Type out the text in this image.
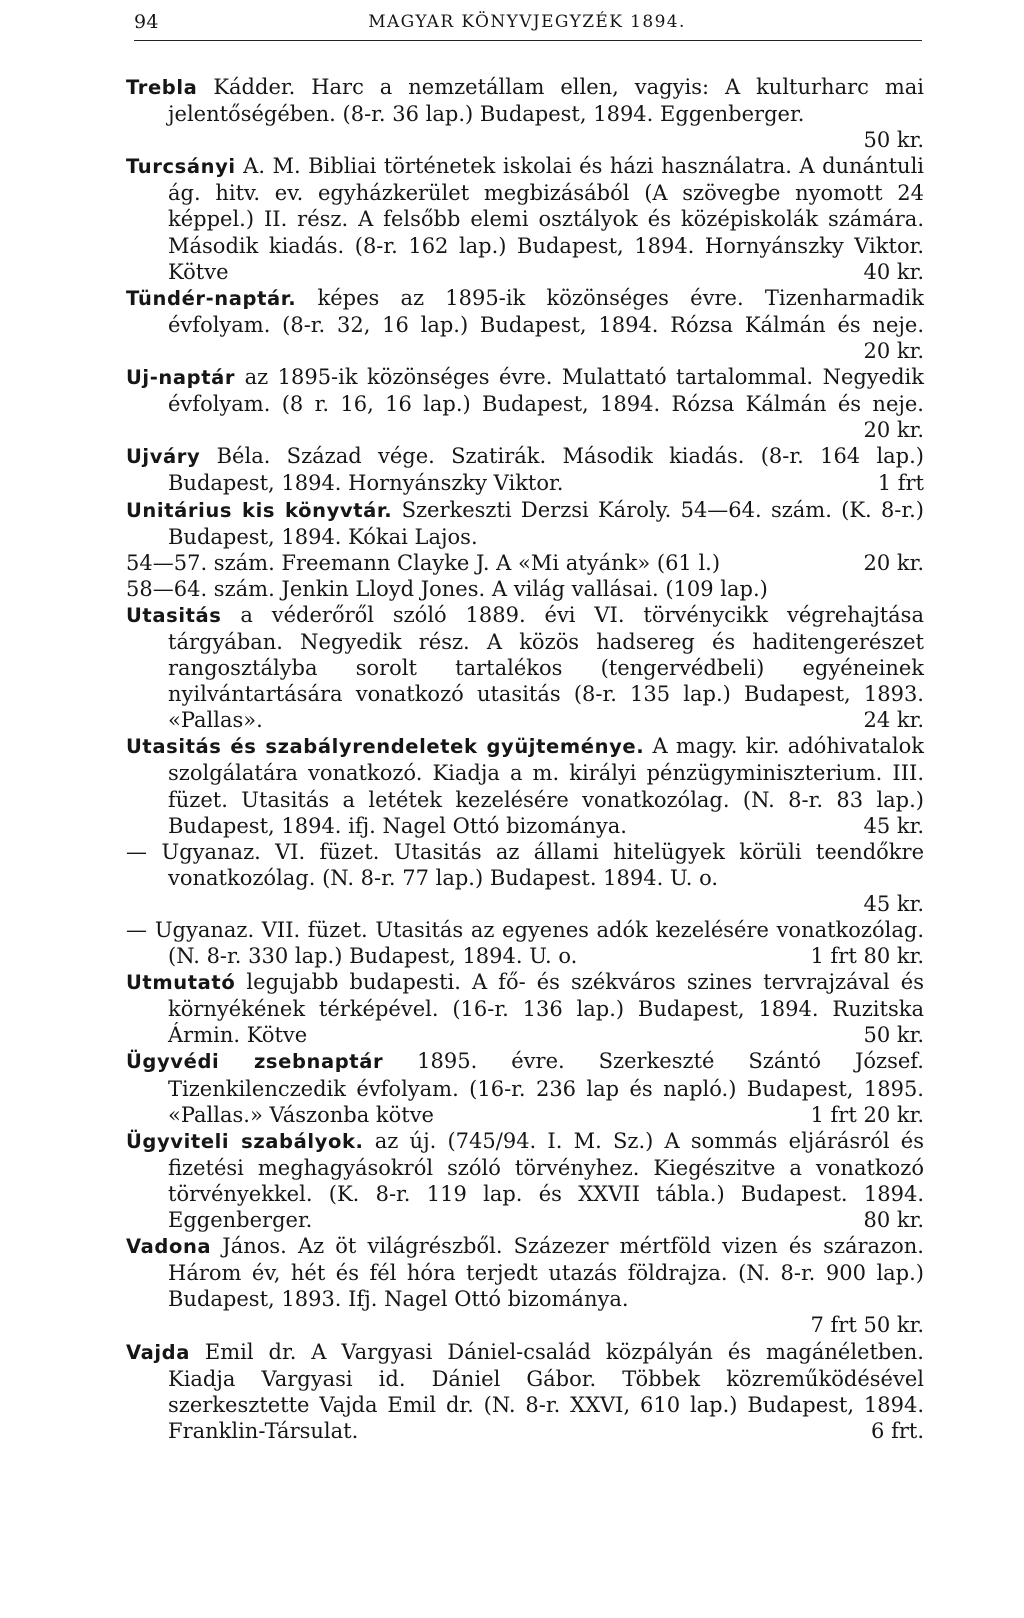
94	MAGYAR KÖNYVJEGYZÉK 1894.

Trebla Kádder. Harc a nemzetállam ellen, vagyis: A kulturharc mai jelentőségében. (8-r. 36 lap.) Budapest, 1894. Eggenberger.
50 kr.

Turcsányi A. M. Bibliai történetek iskolai és házi használatra. A dunántuli ág. hitv. ev. egyházkerület megbizásából (A szövegbe nyomott 24 képpel.) II. rész. A felsőbb elemi osztályok és középiskolák számára. Második kiadás. (8-r. 162 lap.) Budapest, 1894. Hornyánszky Viktor. Kötve	40 kr.

Tündér-naptár. képes az 1895-ik közönséges évre. Tizenharmadik évfolyam. (8-r. 32, 16 lap.) Budapest, 1894. Rózsa Kálmán és neje. 20 kr.

Uj-naptár az 1895-ik közönséges évre. Mulattató tartalommal. Negyedik évfolyam. (8 r. 16, 16 lap.) Budapest, 1894. Rózsa Kálmán és neje. 20 kr.

Ujváry Béla. Század vége. Szatirák. Második kiadás. (8-r. 164 lap.) Budapest, 1894. Hornyánszky Viktor.	1 frt

Unitárius kis könyvtár. Szerkeszti Derzsi Károly. 54—64. szám. (K. 8-r.) Budapest, 1894. Kókai Lajos.

54—57. szám. Freemann Clayke J. A «Mi atyánk» (61 l.)	20 kr.

58—64. szám. Jenkin Lloyd Jones. A világ vallásai. (109 lap.)

Utasitás a véderőről szóló 1889. évi VI. törvénycikk végrehajtása tárgyában. Negyedik rész. A közös hadsereg és haditengerészet rangosztályba sorolt tartalékos (tengervédbeli) egyéneinek nyilvántartására vonatkozó utasitás (8-r. 135 lap.) Budapest, 1893. «Pallas».	24 kr.

Utasitás és szabályrendeletek gyüjteménye. A magy. kir. adóhivatalok szolgálatára vonatkozó. Kiadja a m. királyi pénzügyminiszterium. III. füzet. Utasitás a letétek kezelésére vonatkozólag. (N. 8-r. 83 lap.) Budapest, 1894. ifj. Nagel Ottó bizománya.	45 kr.

— Ugyanaz. VI. füzet. Utasitás az állami hitelügyek körüli teendőkre vonatkozólag. (N. 8-r. 77 lap.) Budapest. 1894. U. o.
45 kr.

— Ugyanaz. VII. füzet. Utasitás az egyenes adók kezelésére vonatkozólag. (N. 8-r. 330 lap.) Budapest, 1894. U. o.	1 frt 80 kr.

Utmutató legujabb budapesti. A fő- és székváros szines tervrajzával és környékének térképével. (16-r. 136 lap.) Budapest, 1894. Ruzitska Ármin. Kötve	50 kr.

Ügyvédi zsebnaptár 1895. évre. Szerkeszté Szántó József. Tizenkilenczedik évfolyam. (16-r. 236 lap és napló.) Budapest, 1895. «Pallas.» Vászonba kötve	1 frt 20 kr.

Ügyviteli szabályok. az új. (745/94. I. M. Sz.) A sommás eljárásról és fizetési meghagyásokról szóló törvényhez. Kiegészitve a vonatkozó törvényekkel. (K. 8-r. 119 lap. és XXVII tábla.) Budapest. 1894. Eggenberger.	80 kr.

Vadona János. Az öt világrészből. Százezer mértföld vizen és szárazon. Három év, hét és fél hóra terjedt utazás földrajza. (N. 8-r. 900 lap.) Budapest, 1893. Ifj. Nagel Ottó bizománya.
7 frt 50 kr.

Vajda Emil dr. A Vargyasi Dániel-család közpályán és magánéletben. Kiadja Vargyasi id. Dániel Gábor. Többek közreműködésével szerkesztette Vajda Emil dr. (N. 8-r. XXVI, 610 lap.) Budapest, 1894. Franklin-Társulat.	6 frt.
